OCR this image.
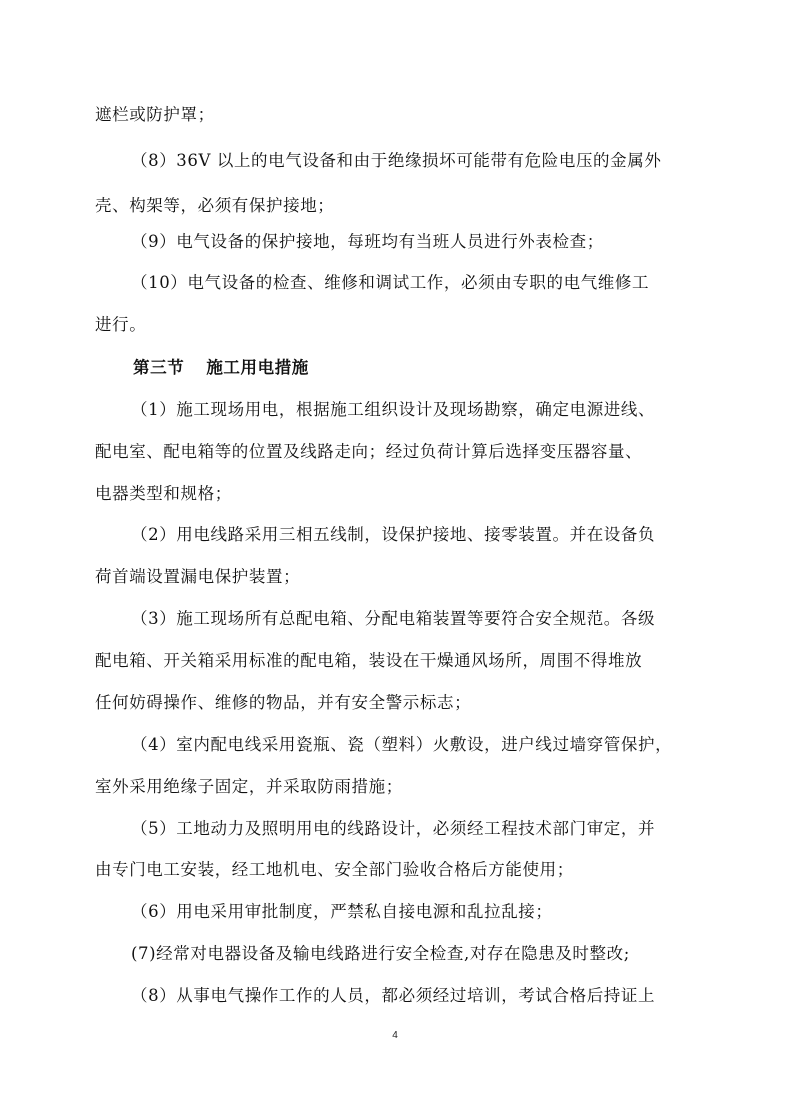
遮栏或防护罩；
（8）36V 以上的电气设备和由于绝缘损坏可能带有危险电压的金属外
壳、构架等，必须有保护接地；
（9）电气设备的保护接地，每班均有当班人员进行外表检查；
（10）电气设备的检查、维修和调试工作，必须由专职的电气维修工
进行。
第三节 施工用电措施
（1）施工现场用电，根据施工组织设计及现场勘察，确定电源进线、
配电室、配电箱等的位置及线路走向；经过负荷计算后选择变压器容量、
电器类型和规格；
（2）用电线路采用三相五线制，设保护接地、接零装置。并在设备负
荷首端设置漏电保护装置；
（3）施工现场所有总配电箱、分配电箱装置等要符合安全规范。各级
配电箱、开关箱采用标准的配电箱，装设在干燥通风场所，周围不得堆放
任何妨碍操作、维修的物品，并有安全警示标志；
（4）室内配电线采用瓷瓶、瓷（塑料）火敷设，进户线过墙穿管保护，
室外采用绝缘子固定，并采取防雨措施；
（5）工地动力及照明用电的线路设计，必须经工程技术部门审定，并
由专门电工安装，经工地机电、安全部门验收合格后方能使用；
（6）用电采用审批制度，严禁私自接电源和乱拉乱接；
(7)经常对电器设备及输电线路进行安全检查,对存在隐患及时整改;
（8）从事电气操作工作的人员，都必须经过培训，考试合格后持证上
4
